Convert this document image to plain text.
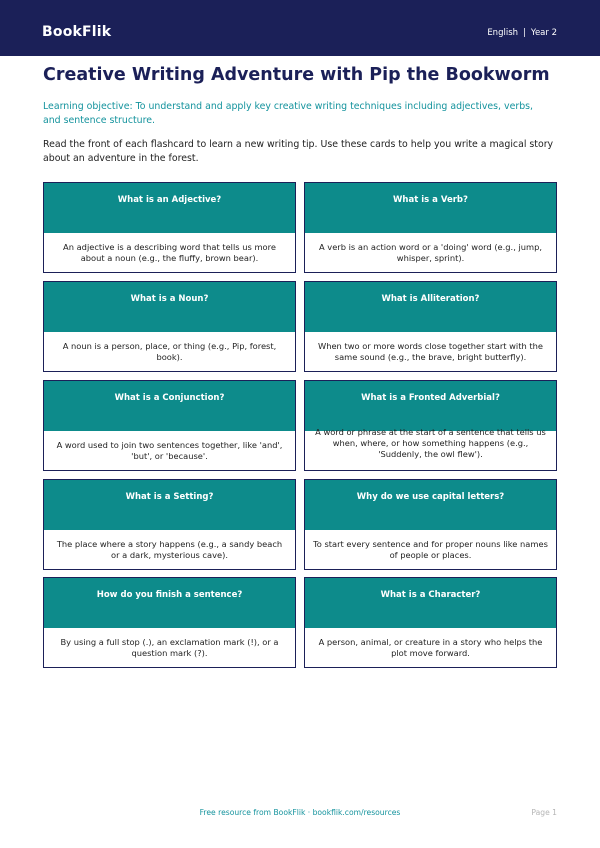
BookFlik	English | Year 2
Creative Writing Adventure with Pip the Bookworm
Learning objective: To understand and apply key creative writing techniques including adjectives, verbs, and sentence structure.
Read the front of each flashcard to learn a new writing tip. Use these cards to help you write a magical story about an adventure in the forest.
What is an Adjective?
An adjective is a describing word that tells us more about a noun (e.g., the fluffy, brown bear).
What is a Verb?
A verb is an action word or a 'doing' word (e.g., jump, whisper, sprint).
What is a Noun?
A noun is a person, place, or thing (e.g., Pip, forest, book).
What is Alliteration?
When two or more words close together start with the same sound (e.g., the brave, bright butterfly).
What is a Conjunction?
A word used to join two sentences together, like 'and', 'but', or 'because'.
What is a Fronted Adverbial?
A word or phrase at the start of a sentence that tells us when, where, or how something happens (e.g., 'Suddenly, the owl flew').
What is a Setting?
The place where a story happens (e.g., a sandy beach or a dark, mysterious cave).
Why do we use capital letters?
To start every sentence and for proper nouns like names of people or places.
How do you finish a sentence?
By using a full stop (.), an exclamation mark (!), or a question mark (?).
What is a Character?
A person, animal, or creature in a story who helps the plot move forward.
Free resource from BookFlik · bookflik.com/resources	Page 1
